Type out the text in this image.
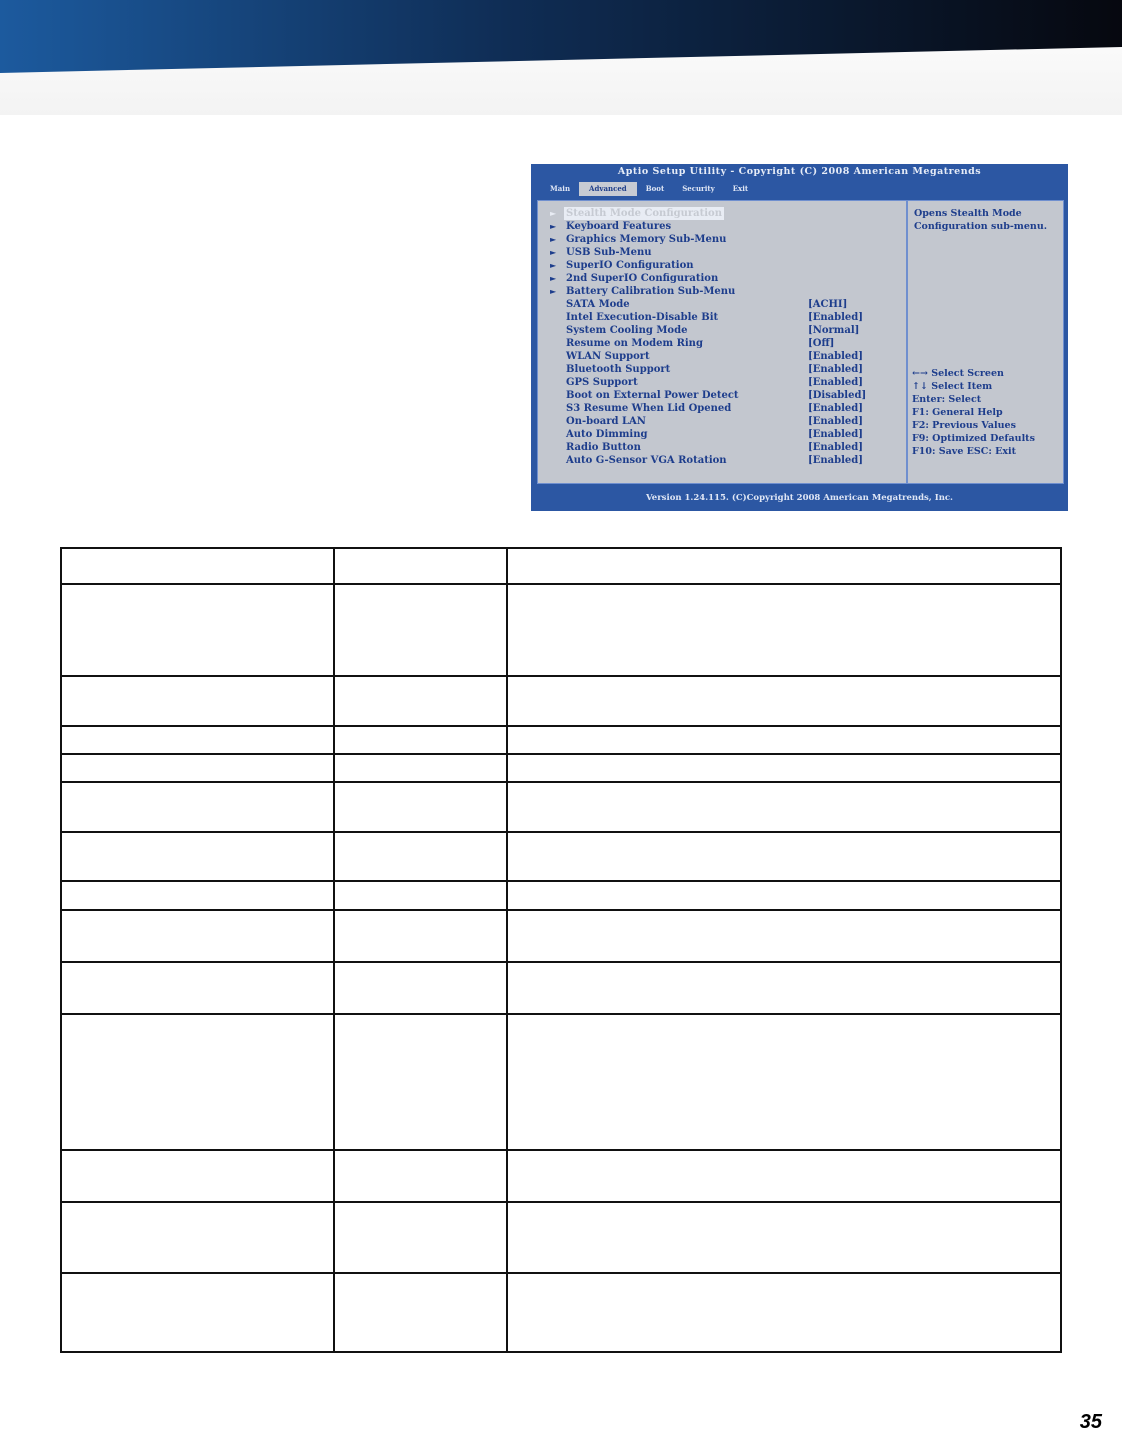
Aptio Setup Utility - Copyright (C) 2008 American Megatrends
Main	Advanced	Boot	Security	Exit
► Stealth Mode Configuration
► Keyboard Features
► Graphics Memory Sub-Menu
► USB Sub-Menu
► SuperIO Configuration
► 2nd SuperIO Configuration
► Battery Calibration Sub-Menu
SATA Mode	[ACHI]
Intel Execution-Disable Bit	[Enabled]
System Cooling Mode	[Normal]
Resume on Modem Ring	[Off]
WLAN Support	[Enabled]
Bluetooth Support	[Enabled]
GPS Support	[Enabled]
Boot on External Power Detect	[Disabled]
S3 Resume When Lid Opened	[Enabled]
On-board LAN	[Enabled]
Auto Dimming	[Enabled]
Radio Button	[Enabled]
Auto G-Sensor VGA Rotation	[Enabled]
Opens Stealth Mode
Configuration sub-menu.
←→ Select Screen
↑↓ Select Item
Enter: Select
F1: General Help
F2: Previous Values
F9: Optimized Defaults
F10: Save ESC: Exit
Version 1.24.115. (C)Copyright 2008 American Megatrends, Inc.

35
